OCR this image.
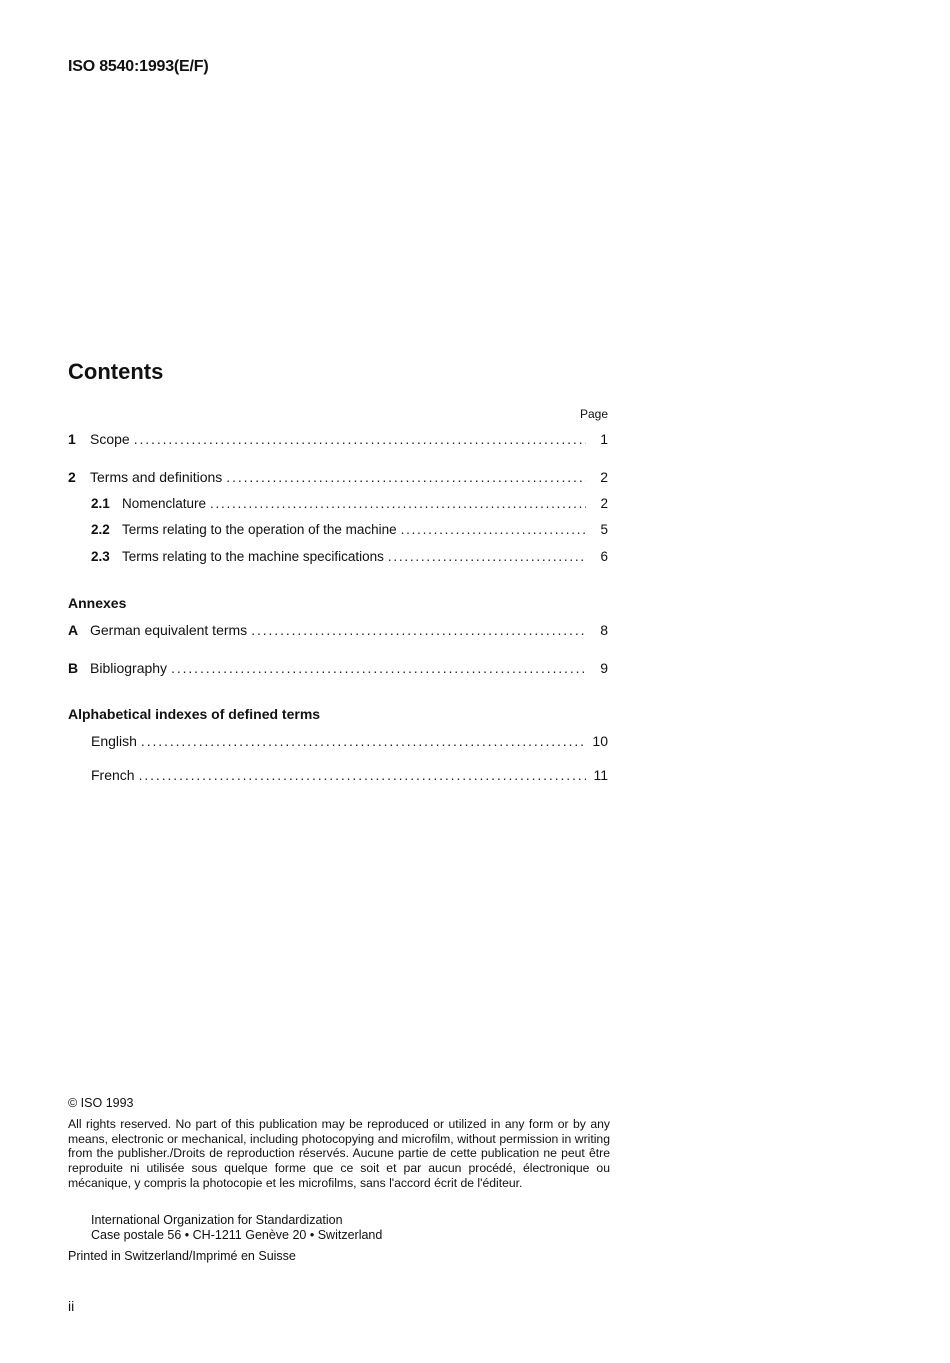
ISO 8540:1993(E/F)
Contents
Page
1	Scope . . .	1
2	Terms and definitions . . .	2
2.1 Nomenclature . . .	2
2.2 Terms relating to the operation of the machine . . .	5
2.3 Terms relating to the machine specifications . . .	6
Annexes
A German equivalent terms . . .	8
B Bibliography . . .	9
Alphabetical indexes of defined terms
English . . .	10
French . . .	11
© ISO 1993
All rights reserved. No part of this publication may be reproduced or utilized in any form or by any means, electronic or mechanical, including photocopying and microfilm, without permission in writing from the publisher./Droits de reproduction réservés. Aucune partie de cette publication ne peut être reproduite ni utilisée sous quelque forme que ce soit et par aucun procédé, électronique ou mécanique, y compris la photocopie et les microfilms, sans l'accord écrit de l'éditeur.
International Organization for Standardization
Case postale 56 • CH-1211 Genève 20 • Switzerland
Printed in Switzerland/Imprimé en Suisse
ii
